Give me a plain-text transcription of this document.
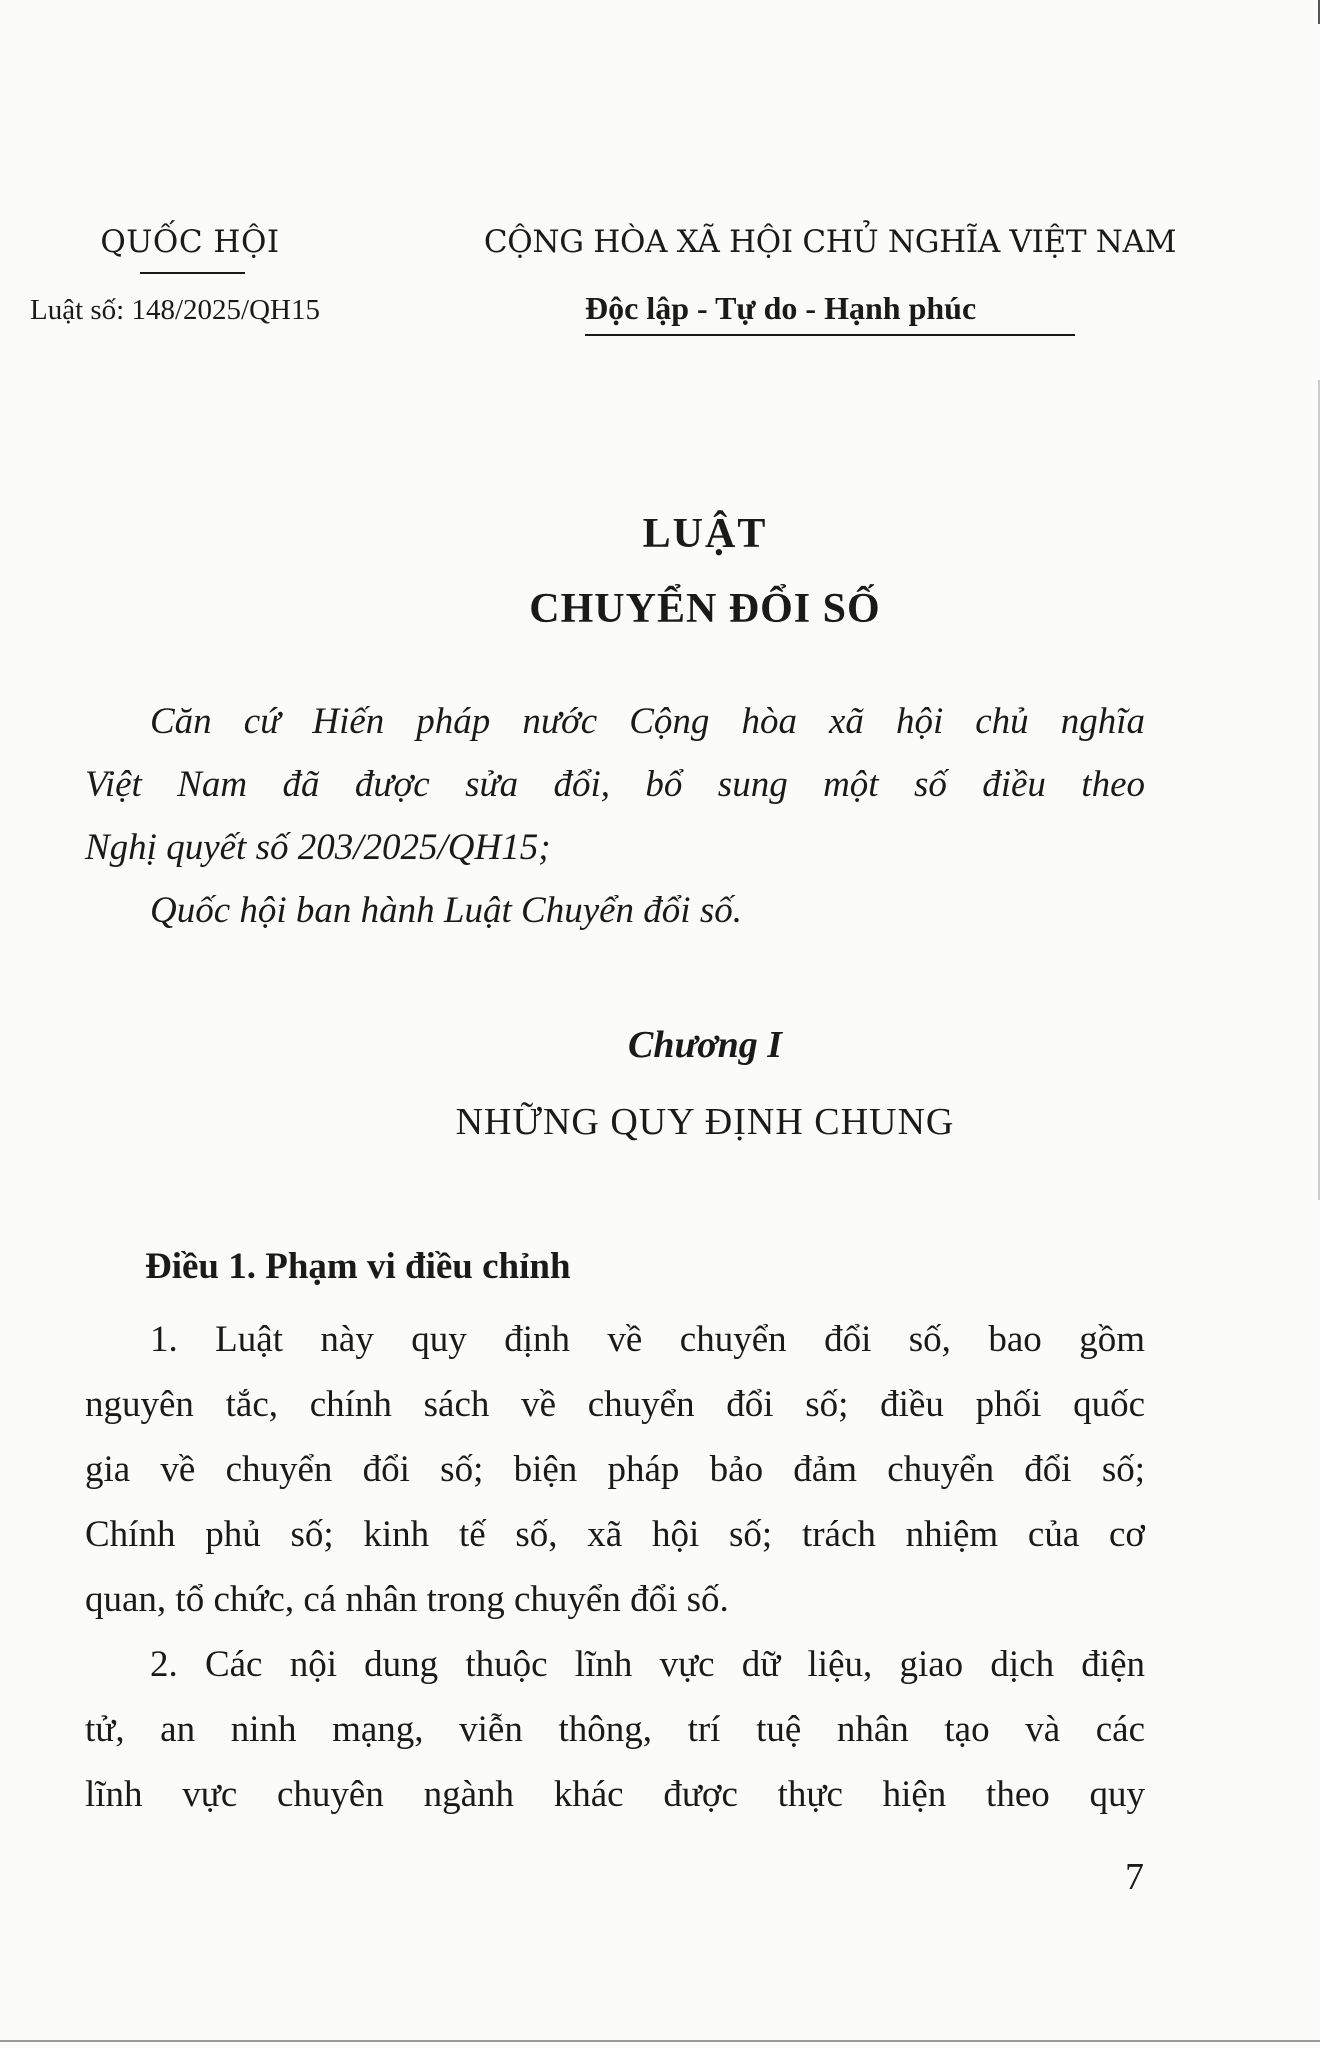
QUỐC HỘI
Luật số: 148/2025/QH15
CỘNG HÒA XÃ HỘI CHỦ NGHĨA VIỆT NAM
Độc lập - Tự do - Hạnh phúc
LUẬT
CHUYỂN ĐỔI SỐ
Căn cứ Hiến pháp nước Cộng hòa xã hội chủ nghĩa
Việt Nam đã được sửa đổi, bổ sung một số điều theo
Nghị quyết số 203/2025/QH15;
Quốc hội ban hành Luật Chuyển đổi số.
Chương I
NHỮNG QUY ĐỊNH CHUNG
Điều 1. Phạm vi điều chỉnh
1. Luật này quy định về chuyển đổi số, bao gồm
nguyên tắc, chính sách về chuyển đổi số; điều phối quốc
gia về chuyển đổi số; biện pháp bảo đảm chuyển đổi số;
Chính phủ số; kinh tế số, xã hội số; trách nhiệm của cơ
quan, tổ chức, cá nhân trong chuyển đổi số.
2. Các nội dung thuộc lĩnh vực dữ liệu, giao dịch điện
tử, an ninh mạng, viễn thông, trí tuệ nhân tạo và các
lĩnh vực chuyên ngành khác được thực hiện theo quy
7
